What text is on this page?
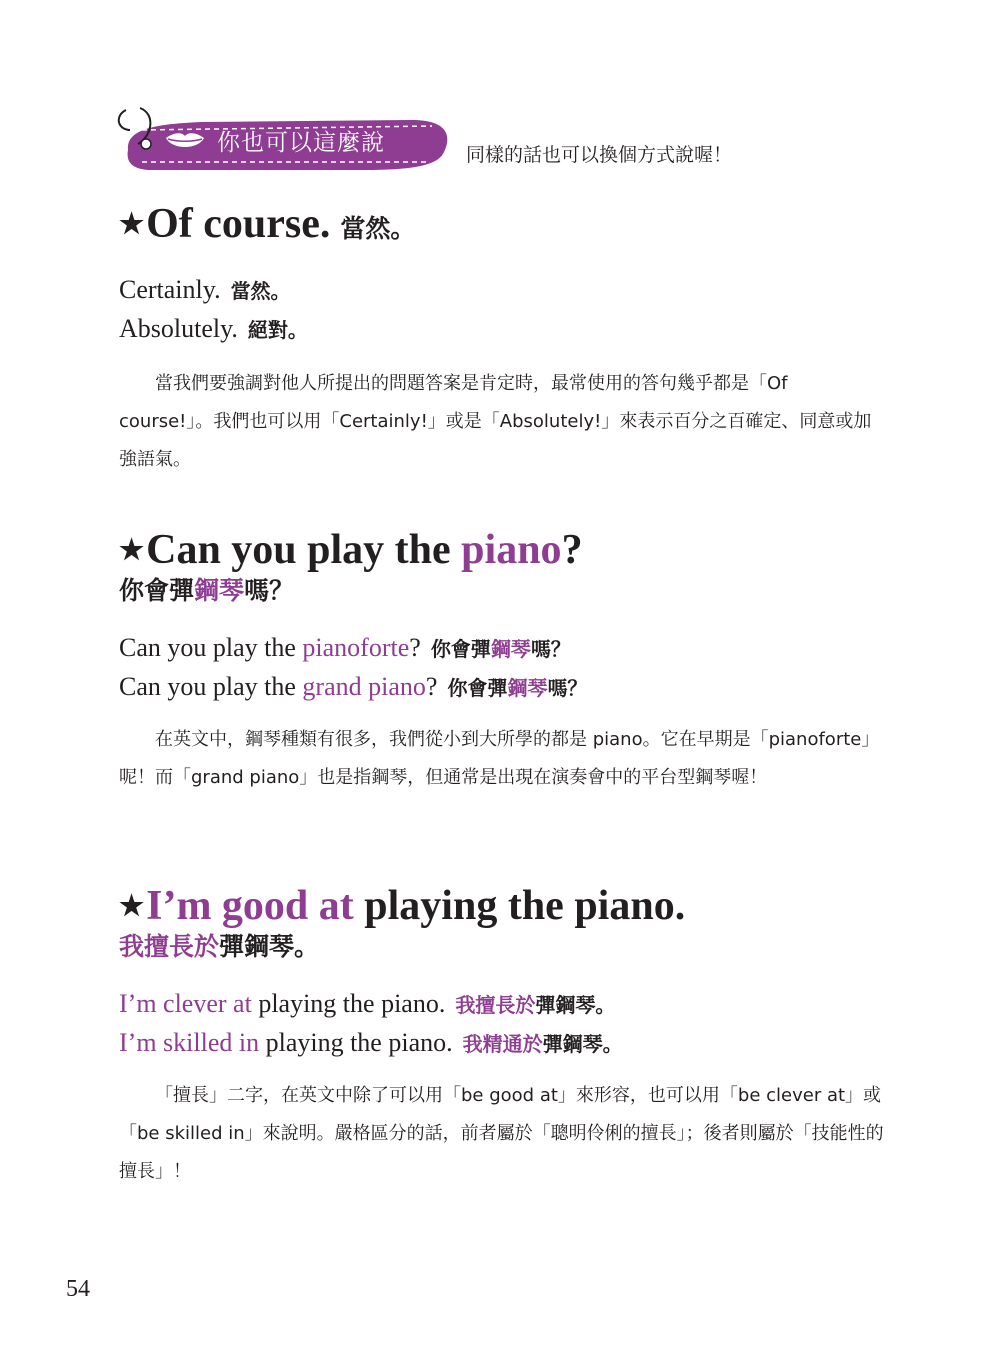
你也可以這麼說	同樣的話也可以換個方式說喔！
★Of course. 當然。
Certainly. 當然。
Absolutely. 絕對。

當我們要強調對他人所提出的問題答案是肯定時，最常使用的答句幾乎都是「Of course!」。我們也可以用「Certainly!」或是「Absolutely!」來表示百分之百確定、同意或加強語氣。

★Can you play the piano?
你會彈鋼琴嗎？
Can you play the pianoforte? 你會彈鋼琴嗎？
Can you play the grand piano? 你會彈鋼琴嗎？

在英文中，鋼琴種類有很多，我們從小到大所學的都是 piano。它在早期是「pianoforte」呢！而「grand piano」也是指鋼琴，但通常是出現在演奏會中的平台型鋼琴喔！

★I’m good at playing the piano.
我擅長於彈鋼琴。
I’m clever at playing the piano. 我擅長於彈鋼琴。
I’m skilled in playing the piano. 我精通於彈鋼琴。

「擅長」二字，在英文中除了可以用「be good at」來形容，也可以用「be clever at」或「be skilled in」來說明。嚴格區分的話，前者屬於「聰明伶俐的擅長」；後者則屬於「技能性的擅長」！

54
